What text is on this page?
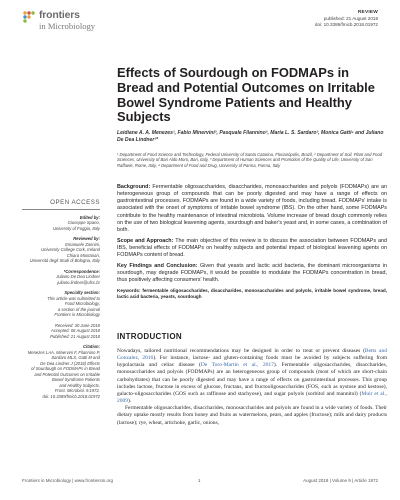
frontiers
in Microbiology
REVIEW
published: 21 August 2018
doi: 10.3389/fmicb.2018.01972
Effects of Sourdough on FODMAPs in Bread and Potential Outcomes on Irritable Bowel Syndrome Patients and Healthy Subjects
Leidiane A. A. Menezes¹, Fabio Minervini², Pasquale Filannino², Maria L. S. Sardaro³, Monica Gatti⁴ and Juliano De Dea Lindner¹*
¹ Department of Food Science and Technology, Federal University of Santa Catarina, Florianópolis, Brazil, ² Department of Soil, Plant and Food Sciences, University of Bari Aldo Moro, Bari, Italy, ³ Department of Human Sciences and Promotion of the Quality of Life, University of San Raffaele, Rome, Italy, ⁴ Department of Food and Drug, University of Parma, Parma, Italy
OPEN ACCESS
Edited by:
Giuseppe Spano,
University of Foggia, Italy
Reviewed by:
Emanuele Zannini,
University College Cork, Ireland
Chiara Montanari,
Università degli Studi di Bologna, Italy
*Correspondence:
Juliano De Dea Lindner
juliano.lindner@ufsc.br
Specialty section:
This article was submitted to
Food Microbiology,
a section of the journal
Frontiers in Microbiology
Received: 30 June 2018
Accepted: 06 August 2018
Published: 21 August 2018
Citation:
Menezes LAA, Minervini F, Filannino P,
Sardaro MLS, Gatti M and
De Dea Lindner J (2018) Effects
of Sourdough on FODMAPs in Bread
and Potential Outcomes on Irritable
Bowel Syndrome Patients
and Healthy Subjects.
Front. Microbiol. 9:1972.
doi: 10.3389/fmicb.2018.01972

Background: Fermentable oligosaccharides, disaccharides, monosaccharides and polyols (FODMAPs) are an heterogeneous group of compounds that can be poorly digested and may have a range of effects on gastrointestinal processes. FODMAPs are found in a wide variety of foods, including bread. FODMAPs' intake is associated with the onset of symptoms of irritable bowel syndrome (IBS). On the other hand, some FODMAPs contribute to the healthy maintenance of intestinal microbiota. Volume increase of bread dough commonly relies on the use of two biological leavening agents, sourdough and baker's yeast and, in some cases, a combination of both.

Scope and Approach: The main objective of this review is to discuss the association between FODMAPs and IBS, beneficial effects of FODMAPs on healthy subjects and potential impact of biological leavening agents on FODMAPs content of bread.

Key Findings and Conclusion: Given that yeasts and lactic acid bacteria, the dominant microorganisms in sourdough, may degrade FODMAPs, it would be possible to modulate the FODMAPs concentration in bread, thus positively affecting consumers' health.

Keywords: fermentable oligosaccharides, disaccharides, monosaccharides and polyols, irritable bowel syndrome, bread, lactic acid bacteria, yeasts, sourdough

INTRODUCTION

Nowadays, tailored nutritional recommendations may be designed in order to treat or prevent diseases (Betts and Gonzalez, 2016). For instance, lactose- and gluten-containing foods must be avoided by subjects suffering from hypolactasia and celiac disease (De Toro-Martin et al., 2017). Fermentable oligosaccharides, disaccharides, monosaccharides and polyols (FODMAPs) are an heterogeneous group of compounds (most of which are short-chain carbohydrates) that can be poorly digested and may have a range of effects on gastrointestinal processes. This group includes lactose, fructose in excess of glucose, fructans, and fructooligosaccharides (FOS, such as nystose and kestose), galacto-oligosaccharides (GOS such as raffinose and stachyose), and sugar polyols (sorbitol and mannitol) (Muir et al., 2009).

Fermentable oligosaccharides, disaccharides, monosaccharides and polyols are found in a wide variety of foods. Their dietary uptake mostly results from honey and fruits as watermelons, pears, and apples (fructose); milk and dairy products (lactose); rye, wheat, artichoke, garlic, onions,

Frontiers in Microbiology | www.frontiersin.org	1	August 2018 | Volume 9 | Article 1972
